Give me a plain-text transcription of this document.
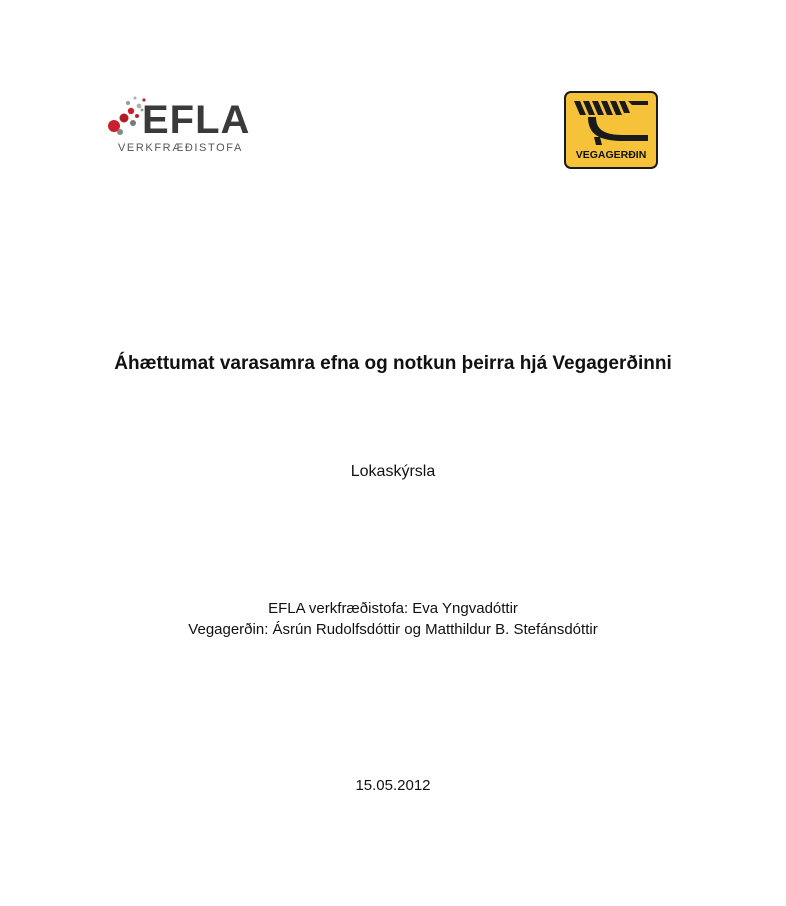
EFLA
VERKFRÆÐISTOFA
VEGAGERÐIN
Áhættumat varasamra efna og notkun þeirra hjá Vegagerðinni
Lokaskýrsla
EFLA verkfræðistofa: Eva Yngvadóttir
Vegagerðin: Ásrún Rudolfsdóttir og Matthildur B. Stefánsdóttir
15.05.2012
